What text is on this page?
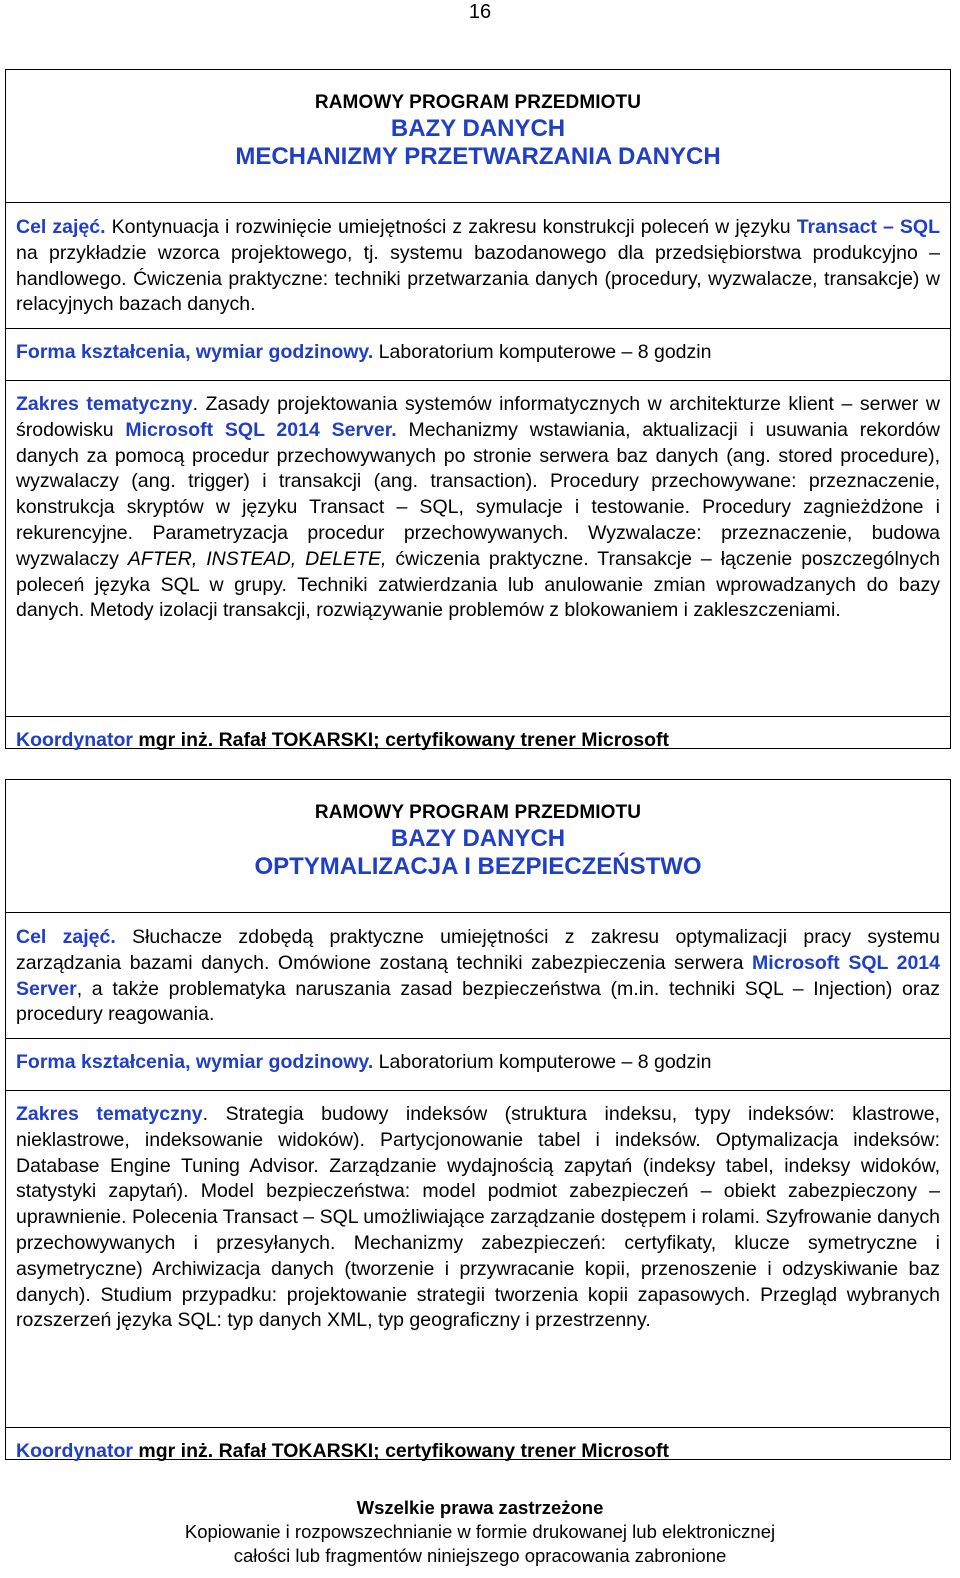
16
RAMOWY PROGRAM PRZEDMIOTU
BAZY DANYCH
MECHANIZMY PRZETWARZANIA DANYCH

Cel zajęć. Kontynuacja i rozwinięcie umiejętności z zakresu konstrukcji poleceń w języku Transact – SQL na przykładzie wzorca projektowego, tj. systemu bazodanowego dla przedsiębiorstwa produkcyjno – handlowego. Ćwiczenia praktyczne: techniki przetwarzania danych (procedury, wyzwalacze, transakcje) w relacyjnych bazach danych.

Forma kształcenia, wymiar godzinowy. Laboratorium komputerowe – 8 godzin

Zakres tematyczny. Zasady projektowania systemów informatycznych w architekturze klient – serwer w środowisku Microsoft SQL 2014 Server. Mechanizmy wstawiania, aktualizacji i usuwania rekordów danych za pomocą procedur przechowywanych po stronie serwera baz danych (ang. stored procedure), wyzwalaczy (ang. trigger) i transakcji (ang. transaction). Procedury przechowywane: przeznaczenie, konstrukcja skryptów w języku Transact – SQL, symulacje i testowanie. Procedury zagnieżdżone i rekurencyjne. Parametryzacja procedur przechowywanych. Wyzwalacze: przeznaczenie, budowa wyzwalaczy AFTER, INSTEAD, DELETE, ćwiczenia praktyczne. Transakcje – łączenie poszczególnych poleceń języka SQL w grupy. Techniki zatwierdzania lub anulowanie zmian wprowadzanych do bazy danych. Metody izolacji transakcji, rozwiązywanie problemów z blokowaniem i zakleszczeniami.

Koordynator mgr inż. Rafał TOKARSKI; certyfikowany trener Microsoft

RAMOWY PROGRAM PRZEDMIOTU
BAZY DANYCH
OPTYMALIZACJA I BEZPIECZEŃSTWO

Cel zajęć. Słuchacze zdobędą praktyczne umiejętności z zakresu optymalizacji pracy systemu zarządzania bazami danych. Omówione zostaną techniki zabezpieczenia serwera Microsoft SQL 2014 Server, a także problematyka naruszania zasad bezpieczeństwa (m.in. techniki SQL – Injection) oraz procedury reagowania.

Forma kształcenia, wymiar godzinowy. Laboratorium komputerowe – 8 godzin

Zakres tematyczny. Strategia budowy indeksów (struktura indeksu, typy indeksów: klastrowe, nieklastrowe, indeksowanie widoków). Partycjonowanie tabel i indeksów. Optymalizacja indeksów: Database Engine Tuning Advisor. Zarządzanie wydajnością zapytań (indeksy tabel, indeksy widoków, statystyki zapytań). Model bezpieczeństwa: model podmiot zabezpieczeń – obiekt zabezpieczony – uprawnienie. Polecenia Transact – SQL umożliwiające zarządzanie dostępem i rolami. Szyfrowanie danych przechowywanych i przesyłanych. Mechanizmy zabezpieczeń: certyfikaty, klucze symetryczne i asymetryczne) Archiwizacja danych (tworzenie i przywracanie kopii, przenoszenie i odzyskiwanie baz danych). Studium przypadku: projektowanie strategii tworzenia kopii zapasowych. Przegląd wybranych rozszerzeń języka SQL: typ danych XML, typ geograficzny i przestrzenny.

Koordynator mgr inż. Rafał TOKARSKI; certyfikowany trener Microsoft

Wszelkie prawa zastrzeżone
Kopiowanie i rozpowszechnianie w formie drukowanej lub elektronicznej
całości lub fragmentów niniejszego opracowania zabronione
